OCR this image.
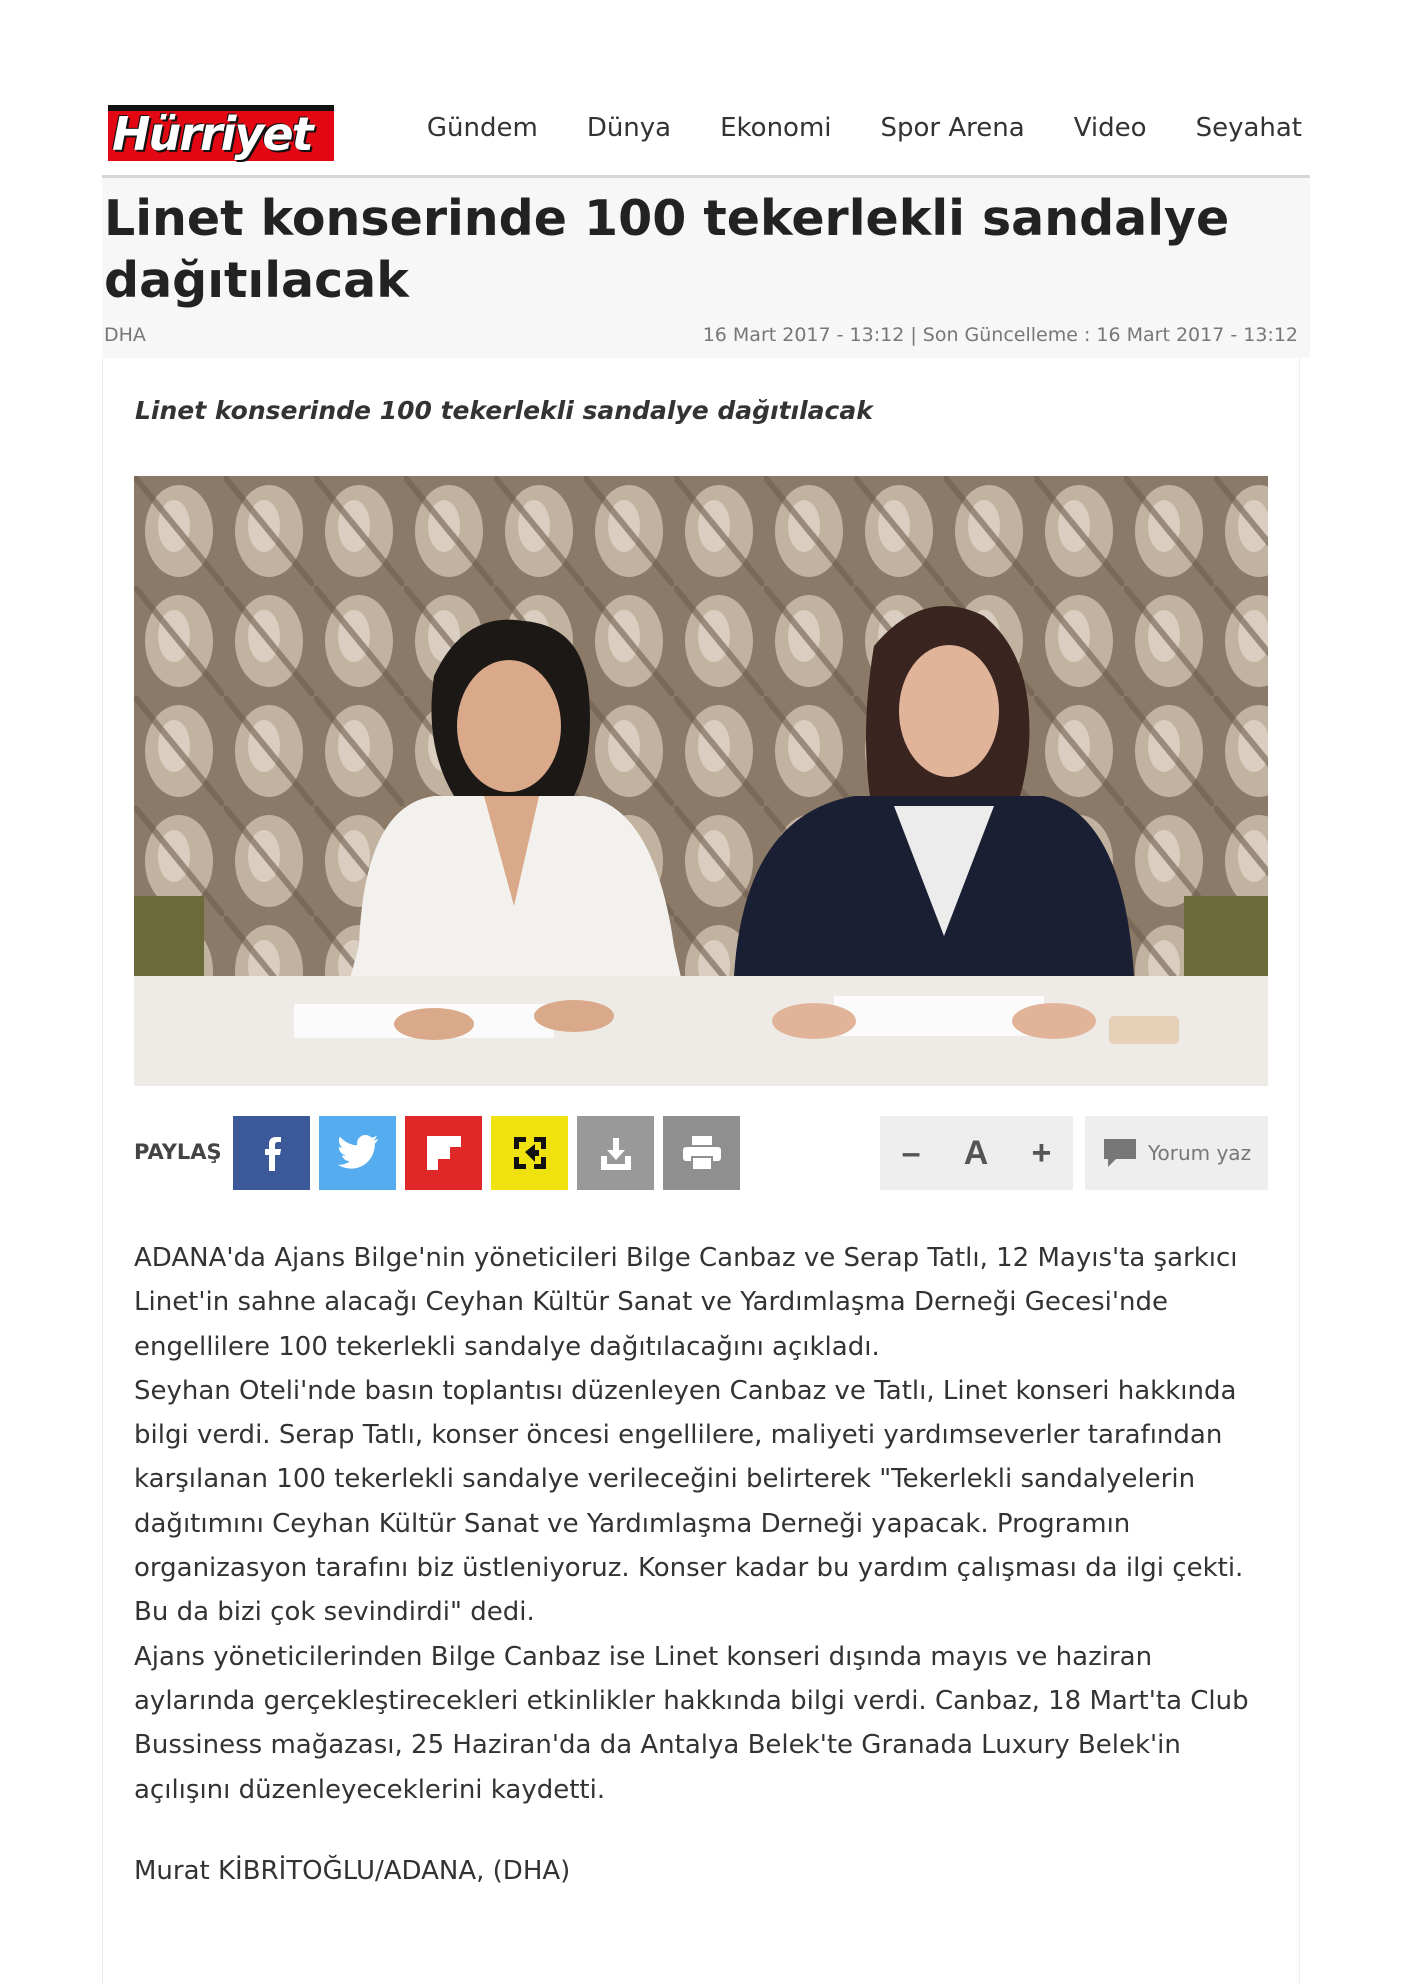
Hürriyet	Gündem Dünya Ekonomi Spor Arena Video Seyahat
Linet konserinde 100 tekerlekli sandalye dağıtılacak
DHA	16 Mart 2017 - 13:12 | Son Güncelleme : 16 Mart 2017 - 13:12
Linet konserinde 100 tekerlekli sandalye dağıtılacak
PAYLAŞ	– A +	Yorum yaz

ADANA'da Ajans Bilge'nin yöneticileri Bilge Canbaz ve Serap Tatlı, 12 Mayıs'ta şarkıcı Linet'in sahne alacağı Ceyhan Kültür Sanat ve Yardımlaşma Derneği Gecesi'nde engellilere 100 tekerlekli sandalye dağıtılacağını açıkladı.

Seyhan Oteli'nde basın toplantısı düzenleyen Canbaz ve Tatlı, Linet konseri hakkında bilgi verdi. Serap Tatlı, konser öncesi engellilere, maliyeti yardımseverler tarafından karşılanan 100 tekerlekli sandalye verileceğini belirterek "Tekerlekli sandalyelerin dağıtımını Ceyhan Kültür Sanat ve Yardımlaşma Derneği yapacak. Programın organizasyon tarafını biz üstleniyoruz. Konser kadar bu yardım çalışması da ilgi çekti. Bu da bizi çok sevindirdi" dedi.

Ajans yöneticilerinden Bilge Canbaz ise Linet konseri dışında mayıs ve haziran aylarında gerçekleştirecekleri etkinlikler hakkında bilgi verdi. Canbaz, 18 Mart'ta Club Bussiness mağazası, 25 Haziran'da da Antalya Belek'te Granada Luxury Belek'in açılışını düzenleyeceklerini kaydetti.

Murat KİBRİTOĞLU/ADANA, (DHA)
